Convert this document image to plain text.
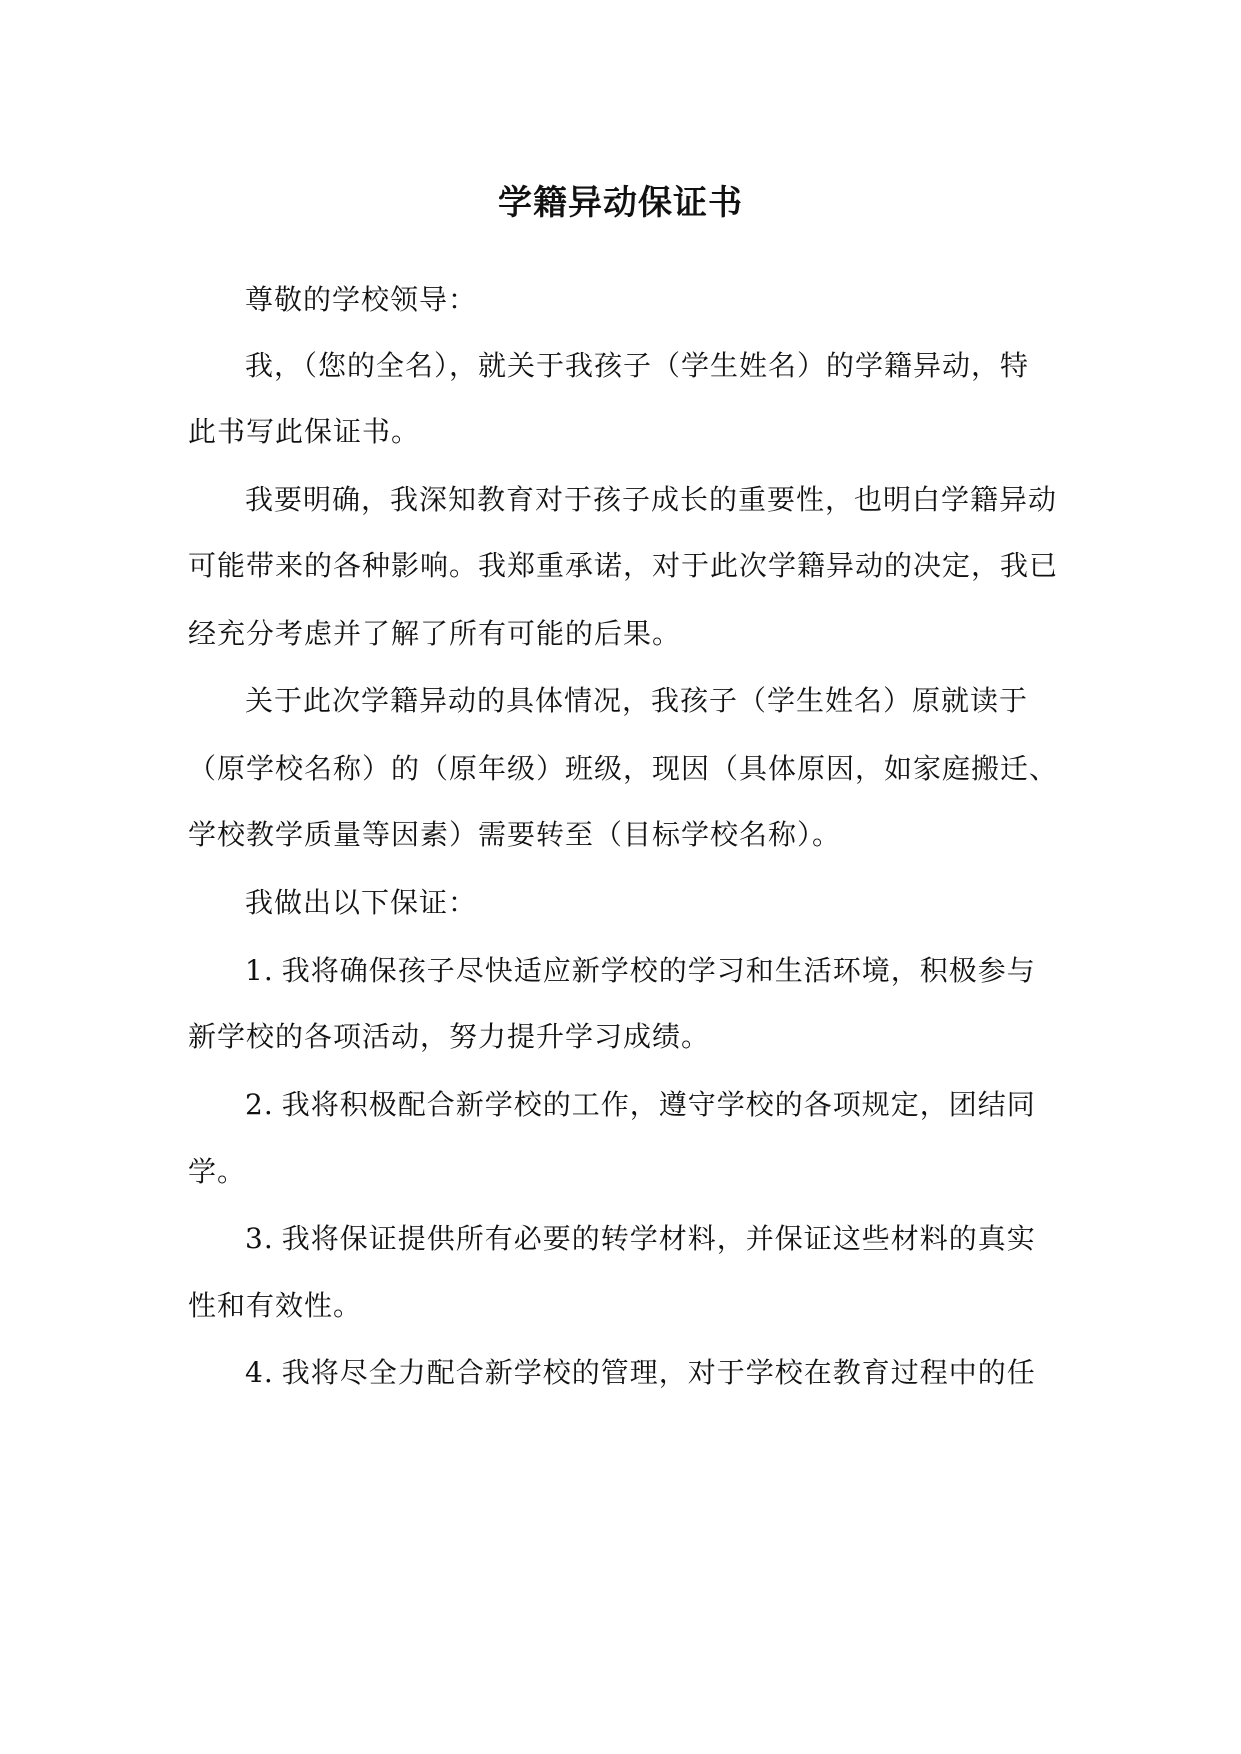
学籍异动保证书
尊敬的学校领导：
我，（您的全名），就关于我孩子（学生姓名）的学籍异动，特
此书写此保证书。
我要明确，我深知教育对于孩子成长的重要性，也明白学籍异动
可能带来的各种影响。我郑重承诺，对于此次学籍异动的决定，我已
经充分考虑并了解了所有可能的后果。
关于此次学籍异动的具体情况，我孩子（学生姓名）原就读于
（原学校名称）的（原年级）班级，现因（具体原因，如家庭搬迁、
学校教学质量等因素）需要转至（目标学校名称）。
我做出以下保证：
1. 我将确保孩子尽快适应新学校的学习和生活环境，积极参与
新学校的各项活动，努力提升学习成绩。
2. 我将积极配合新学校的工作，遵守学校的各项规定，团结同
学。
3. 我将保证提供所有必要的转学材料，并保证这些材料的真实
性和有效性。
4. 我将尽全力配合新学校的管理，对于学校在教育过程中的任
